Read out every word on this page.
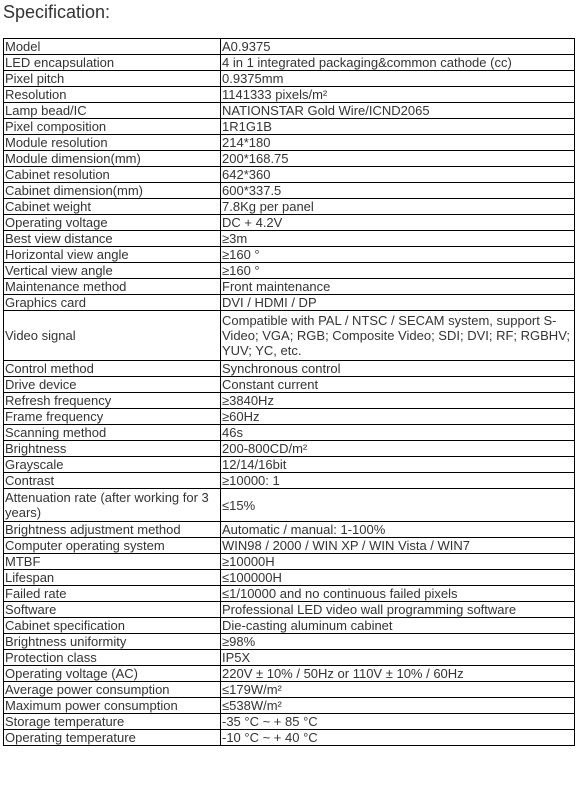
Specification:
Model	A0.9375
LED encapsulation	4 in 1 integrated packaging&common cathode (cc)
Pixel pitch	0.9375mm
Resolution	1141333 pixels/m²
Lamp bead/IC	NATIONSTAR Gold Wire/ICND2065
Pixel composition	1R1G1B
Module resolution	214*180
Module dimension(mm)	200*168.75
Cabinet resolution	642*360
Cabinet dimension(mm)	600*337.5
Cabinet weight	7.8Kg per panel
Operating voltage	DC + 4.2V
Best view distance	≥3m
Horizontal view angle	≥160 °
Vertical view angle	≥160 °
Maintenance method	Front maintenance
Graphics card	DVI / HDMI / DP
Video signal	Compatible with PAL / NTSC / SECAM system, support S-Video; VGA; RGB; Composite Video; SDI; DVI; RF; RGBHV; YUV; YC, etc.
Control method	Synchronous control
Drive device	Constant current
Refresh frequency	≥3840Hz
Frame frequency	≥60Hz
Scanning method	46s
Brightness	200-800CD/m²
Grayscale	12/14/16bit
Contrast	≥10000: 1
Attenuation rate (after working for 3 years)	≤15%
Brightness adjustment method	Automatic / manual: 1-100%
Computer operating system	WIN98 / 2000 / WIN XP / WIN Vista / WIN7
MTBF	≥10000H
Lifespan	≤100000H
Failed rate	≤1/10000 and no continuous failed pixels
Software	Professional LED video wall programming software
Cabinet specification	Die-casting aluminum cabinet
Brightness uniformity	≥98%
Protection class	IP5X
Operating voltage (AC)	220V ± 10% / 50Hz or 110V ± 10% / 60Hz
Average power consumption	≤179W/m²
Maximum power consumption	≤538W/m²
Storage temperature	-35 °C ~ + 85 °C
Operating temperature	-10 °C ~ + 40 °C
